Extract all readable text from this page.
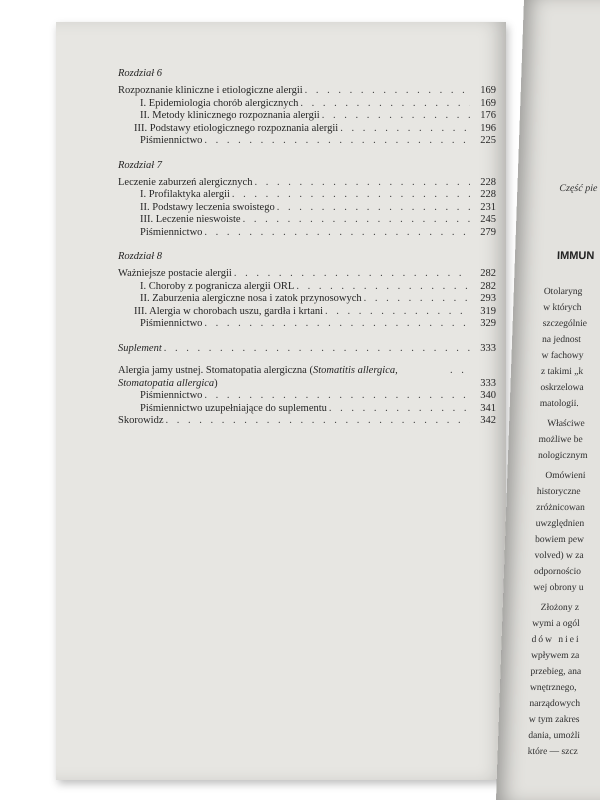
Rozdział 6
Rozpoznanie kliniczne i etiologiczne alergii . . .	169
I. Epidemiologia chorób alergicznych . . .	169
II. Metody klinicznego rozpoznania alergii . . .	176
III. Podstawy etiologicznego rozpoznania alergii . . .	196
Piśmiennictwo . . .	225
Rozdział 7
Leczenie zaburzeń alergicznych . . .	228
I. Profilaktyka alergii . . .	228
II. Podstawy leczenia swoistego . . .	231
III. Leczenie nieswoiste . . .	245
Piśmiennictwo . . .	279
Rozdział 8
Ważniejsze postacie alergii . . .	282
I. Choroby z pogranicza alergii ORL . . .	282
II. Zaburzenia alergiczne nosa i zatok przynosowych . . .	293
III. Alergia w chorobach uszu, gardła i krtani . . .	319
Piśmiennictwo . . .	329
Suplement . . .	333
Alergia jamy ustnej. Stomatopatia alergiczna (Stomatitis allergica, Stomatopatia allergica)
. . .	333
Piśmiennictwo . . .	340
Piśmiennictwo uzupełniające do suplementu . . .	341
Skorowidz . . .	342
Część pie
IMMUN
Otolaryng
w których
szczególnie
na jednost
w fachowy
z takimi „k
oskrzelowa
matologii.
Właściwe
możliwe be
nologicznym
Omówieni
historyczne
zróżnicowan
uwzględnien
bowiem pew
volved) w za
odpornościo
wej obrony u
Złożony z
wymi a ogól
dów niei
wpływem za
przebieg, ana
wnętrznego,
narządowych
w tym zakres
dania, umożli
które — szcz
